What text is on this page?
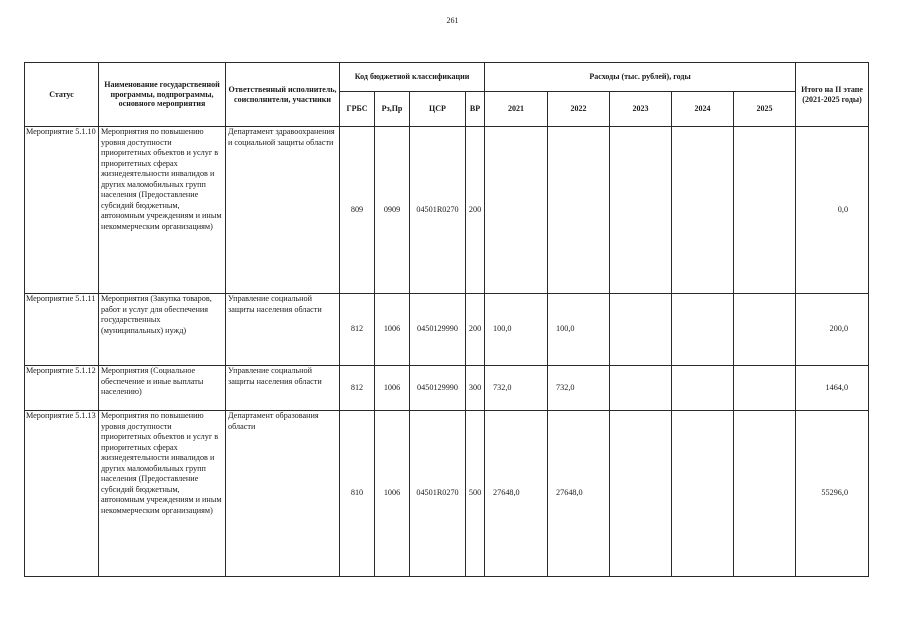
261
Статус	Наименование государственной программы, подпрограммы, основного мероприятия	Ответственный исполнитель, соисполнители, участники	Код бюджетной классификации				Расходы (тыс. рублей), годы					Итого на II этапе (2021-2025 годы)
			ГРБС	Рз,Пр	ЦСР	ВР	2021	2022	2023	2024	2025	
Мероприятие 5.1.10	Мероприятия по повышению уровня доступности приоритетных объектов и услуг в приоритетных сферах жизнедеятельности инвалидов и других маломобильных групп населения (Предоставление субсидий бюджетным, автономным учреждениям и иным некоммерческим организациям)	Департамент здравоохранения и социальной защиты области	809	0909	04501R0270	200						0,0
Мероприятие 5.1.11	Мероприятия (Закупка товаров, работ и услуг для обеспечения государственных (муниципальных) нужд)	Управление социальной защиты населения области	812	1006	0450129990	200	100,0	100,0				200,0
Мероприятие 5.1.12	Мероприятия (Социальное обеспечение и иные выплаты населению)	Управление социальной защиты населения области	812	1006	0450129990	300	732,0	732,0				1464,0
Мероприятие 5.1.13	Мероприятия по повышению уровня доступности приоритетных объектов и услуг в приоритетных сферах жизнедеятельности инвалидов и других маломобильных групп населения (Предоставление субсидий бюджетным, автономным учреждениям и иным некоммерческим организациям)	Департамент образования области	810	1006	04501R0270	500	27648,0	27648,0				55296,0
